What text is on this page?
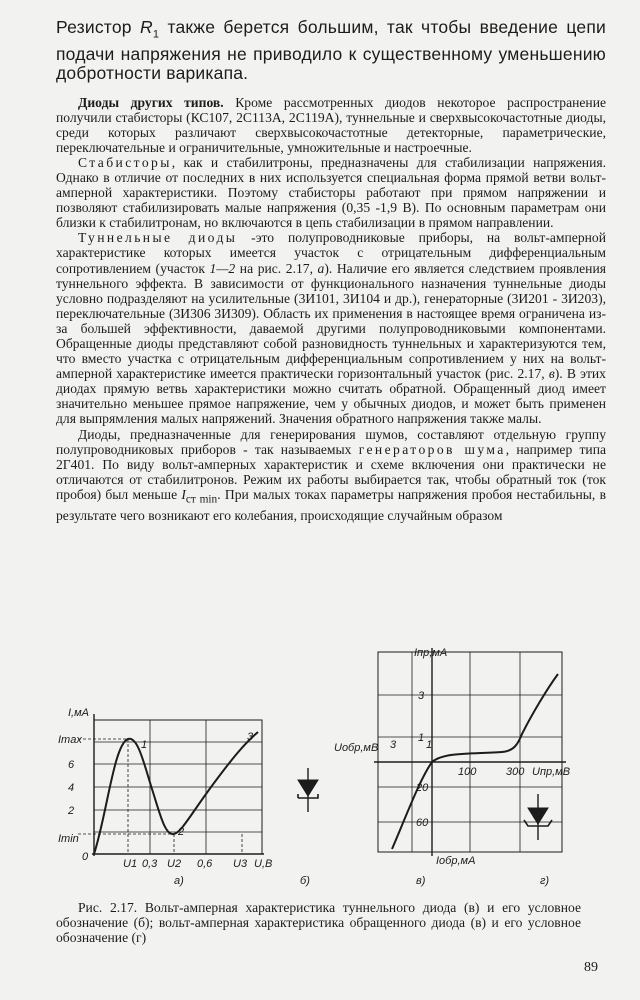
Резистор $R_1$ также берется большим, так чтобы введение цепи подачи напряжения не приводило к существенному уменьшению добротности варикапа.

Диоды других типов. Кроме рассмотренных диодов некоторое распространение получили стабисторы (КС107, 2С113А, 2С119А), туннельные и сверхвысокочастотные диоды, среди которых различают сверхвысокочастотные детекторные, параметрические, переключательные и ограничительные, умножительные и настроечные.

Стабисторы, как и стабилитроны, предназначены для стабилизации напряжения. Однако в отличие от последних в них используется специальная форма прямой ветви вольт-амперной характеристики. Поэтому стабисторы работают при прямом напряжении и позволяют стабилизировать малые напряжения (0,35 -1,9 В). По основным параметрам они близки к стабилитронам, но включаются в цепь стабилизации в прямом направлении.

Туннельные диоды -это полупроводниковые приборы, на вольт-амперной характеристике которых имеется участок с отрицательным дифференциальным сопротивлением (участок 1—2 на рис. 2.17, а). Наличие его является следствием проявления туннельного эффекта. В зависимости от функционального назначения туннельные диоды условно подразделяют на усилительные (3И101, 3И104 и др.), генераторные (3И201 - 3И203), переключательные (3И306 3И309). Область их применения в настоящее время ограничена из-за большей эффективности, даваемой другими полупроводниковыми компонентами. Обращенные диоды представляют собой разновидность туннельных и характеризуются тем, что вместо участка с отрицательным дифференциальным сопротивлением у них на вольт-амперной характеристике имеется практически горизонтальный участок (рис. 2.17, в). В этих диодах прямую ветвь характеристики можно считать обратной. Обращенный диод имеет значительно меньшее прямое напряжение, чем у обычных диодов, и может быть применен для выпрямления малых напряжений. Значения обратного напряжения также малы.

Диоды, предназначенные для генерирования шумов, составляют отдельную группу полупроводниковых приборов - так называемых генераторов шума, например типа 2Г401. По виду вольт-амперных характеристик и схеме включения они практически не отличаются от стабилитронов. Режим их работы выбирается так, чтобы обратный ток (ток пробоя) был меньше $I_{ст min}$. При малых токах параметры напряжения пробоя нестабильны, в результате чего возникают его колебания, происходящие случайным образом

I,мА
Imax
6
4
2
Imin
0
U1 0,3 U2 0,6 U3 U,В
1
2
3
а)	б)
Iпр,мА
3
1
20
60
Uобр,мВ 3	1
100	300 Uпр,мВ
Iобр,мА
в)	г)

Рис. 2.17. Вольт-амперная характеристика туннельного диода (в) и его условное обозначение (б); вольт-амперная характеристика обращенного диода (в) и его условное обозначение (г)

89
